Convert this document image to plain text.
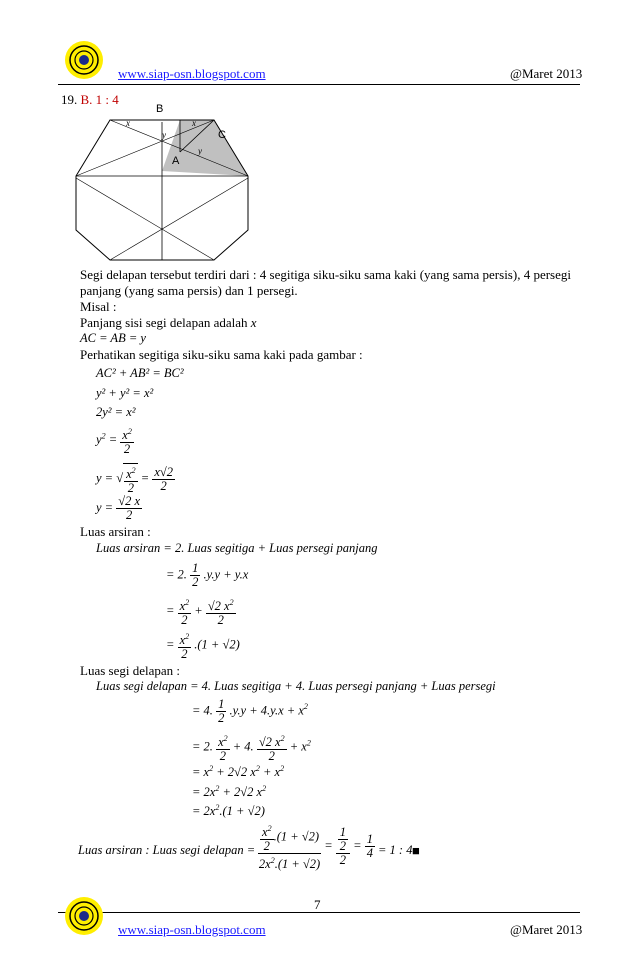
www.siap-osn.blogspot.com	@Maret 2013
19. B. 1 : 4
B
C
A
x	x
y
y
Segi delapan tersebut terdiri dari : 4 segitiga siku-siku sama kaki (yang sama persis), 4 persegi
panjang (yang sama persis) dan 1 persegi.
Misal :
Panjang sisi segi delapan adalah x
AC = AB = y
Perhatikan segitiga siku-siku sama kaki pada gambar :
AC² + AB² = BC²
y² + y² = x²
2y² = x²
$y^2 = \frac{x^2}{2}$
y = √ $\frac{x^2}{2} = \frac{x√2}{2}$
$y = \frac{√2 x}{2}$
Luas arsiran :
Luas arsiran = 2. Luas segitiga + Luas persegi panjang
= 2. $\frac{1}{2} .y.y + y.x$
= $\frac{x^2}{2} + \frac{√2 x^2}{2}$
= $\frac{x^2}{2} .(1 + √2)$
Luas segi delapan :
Luas segi delapan = 4. Luas segitiga + 4. Luas persegi panjang + Luas persegi
= 4. $\frac{1}{2} .y.y + 4.y.x + x^2$
= 2. $\frac{x^2}{2} + 4$. $\frac{√2 x^2}{2} + x^2$
= $x^2 + 2√2$ $x^2 + x^2$
= $2x^2 + 2√2$ $x^2$
= $2x^2.(1 + √2)$
Luas arsiran : Luas segi delapan = $\frac{\frac{x^2}{2} .(1 + √2)}{2x^2.(1 + √2)} = \frac{\frac{1}{2}}{2} = \frac{1}{4} = 1$ : 4 ■
7
www.siap-osn.blogspot.com	@Maret 2013
